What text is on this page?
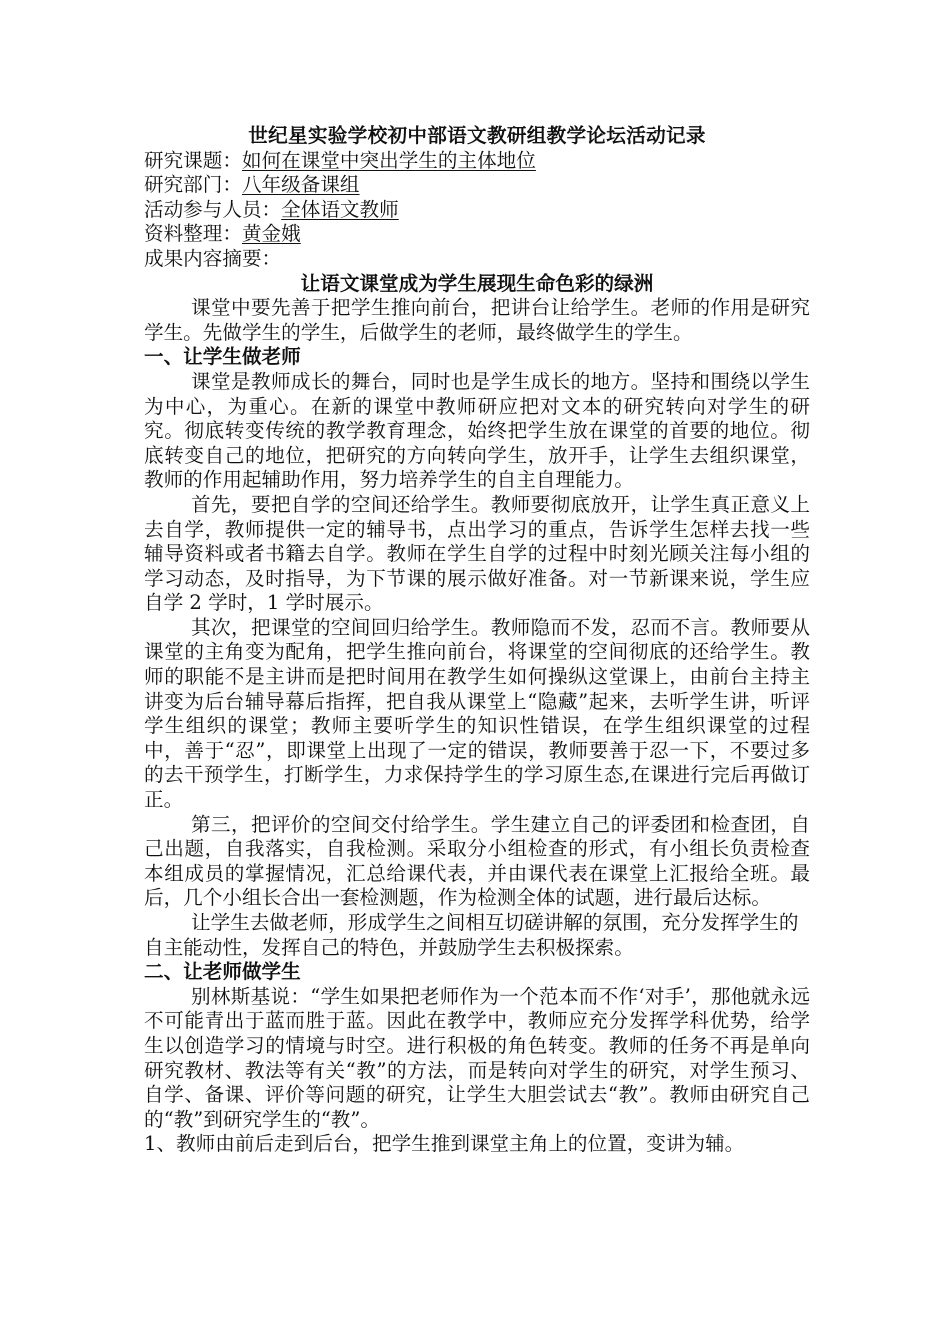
世纪星实验学校初中部语文教研组教学论坛活动记录
研究课题：如何在课堂中突出学生的主体地位
研究部门：八年级备课组
活动参与人员：全体语文教师
资料整理：黄金娥
成果内容摘要：
让语文课堂成为学生展现生命色彩的绿洲

课堂中要先善于把学生推向前台，把讲台让给学生。老师的作用是研究学生。先做学生的学生，后做学生的老师，最终做学生的学生。

一、让学生做老师

课堂是教师成长的舞台，同时也是学生成长的地方。坚持和围绕以学生为中心，为重心。在新的课堂中教师研应把对文本的研究转向对学生的研究。彻底转变传统的教学教育理念，始终把学生放在课堂的首要的地位。彻底转变自己的地位，把研究的方向转向学生，放开手，让学生去组织课堂，教师的作用起辅助作用，努力培养学生的自主自理能力。

首先，要把自学的空间还给学生。教师要彻底放开，让学生真正意义上去自学，教师提供一定的辅导书，点出学习的重点，告诉学生怎样去找一些辅导资料或者书籍去自学。教师在学生自学的过程中时刻光顾关注每小组的学习动态，及时指导，为下节课的展示做好准备。对一节新课来说，学生应自学 2 学时，1 学时展示。

其次，把课堂的空间回归给学生。教师隐而不发，忍而不言。教师要从课堂的主角变为配角，把学生推向前台，将课堂的空间彻底的还给学生。教师的职能不是主讲而是把时间用在教学生如何操纵这堂课上，由前台主持主讲变为后台辅导幕后指挥，把自我从课堂上“隐藏”起来，去听学生讲，听评学生组织的课堂；教师主要听学生的知识性错误，在学生组织课堂的过程中，善于“忍”，即课堂上出现了一定的错误，教师要善于忍一下，不要过多的去干预学生，打断学生，力求保持学生的学习原生态,在课进行完后再做订正。

第三，把评价的空间交付给学生。学生建立自己的评委团和检查团，自己出题，自我落实，自我检测。采取分小组检查的形式，有小组长负责检查本组成员的掌握情况，汇总给课代表，并由课代表在课堂上汇报给全班。最后，几个小组长合出一套检测题，作为检测全体的试题，进行最后达标。

让学生去做老师，形成学生之间相互切磋讲解的氛围，充分发挥学生的自主能动性，发挥自己的特色，并鼓励学生去积极探索。

二、让老师做学生

别林斯基说：“学生如果把老师作为一个范本而不作‘对手’，那他就永远不可能青出于蓝而胜于蓝。因此在教学中，教师应充分发挥学科优势，给学生以创造学习的情境与时空。进行积极的角色转变。教师的任务不再是单向研究教材、教法等有关“教”的方法，而是转向对学生的研究，对学生预习、自学、备课、评价等问题的研究，让学生大胆尝试去“教”。教师由研究自己的“教”到研究学生的“教”。

1、教师由前后走到后台，把学生推到课堂主角上的位置，变讲为辅。
